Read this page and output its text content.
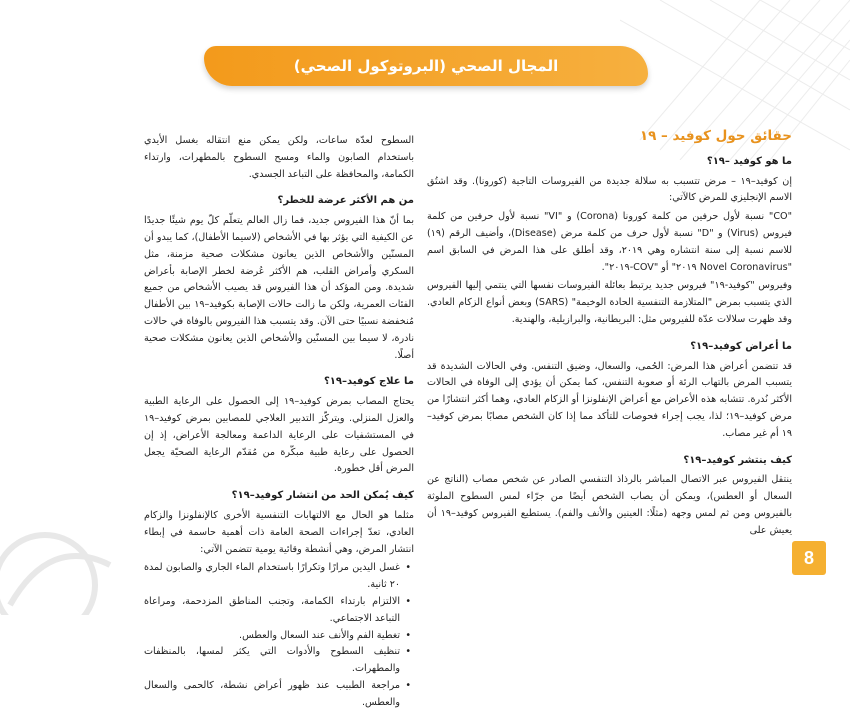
المجال الصحي (البروتوكول الصحي)
حقائق حول كوفيد – ١٩
ما هو كوفيد –١٩؟

إن كوفيد–١٩ – مرض تتسبب به سلالة جديدة من الفيروسات التاجية (كورونا). وقد اشتُق الاسم الإنجليزي للمرض كالآتي:

"CO" نسبة لأول حرفين من كلمة كورونا (Corona) و "VI" نسبة لأول حرفين من كلمة فيروس (Virus) و "D" نسبة لأول حرف من كلمة مرض (Disease)، وأضيف الرقم (١٩) للاسم نسبة إلى سنة انتشاره وهي ٢٠١٩، وقد أطلق على هذا المرض في السابق اسم "Novel Coronavirus ٢٠١٩" أو "COV-٢٠١٩".

وفيروس "كوفيد-١٩" فيروس جديد يرتبط بعائلة الفيروسات نفسها التي ينتمي إليها الفيروس الذي يتسبب بمرض "المتلازمة التنفسية الحادة الوخيمة" (SARS) وبعض أنواع الزكام العادي. وقد ظهرت سلالات عدّة للفيروس مثل: البريطانية، والبرازيلية، والهندية.

ما أعراض كوفيد–١٩؟

قد تتضمن أعراض هذا المرض: الحُمى، والسعال، وضيق التنفس. وفي الحالات الشديدة قد يتسبب المرض بالتهاب الرئة أو صعوبة التنفس، كما يمكن أن يؤدي إلى الوفاة في الحالات الأكثر نُدرة. تتشابه هذه الأعراض مع أعراض الإنفلونزا أو الزكام العادي، وهما أكثر انتشارًا من مرض كوفيد–١٩؛ لذا، يجب إجراء فحوصات للتأكد مما إذا كان الشخص مصابًا بمرض كوفيد–١٩ أم غير مصاب.

كيف ينتشر كوفيد–١٩؟

ينتقل الفيروس عبر الاتصال المباشر بالرذاذ التنفسي الصادر عن شخص مصاب (الناتج عن السعال أو العطس)، ويمكن أن يصاب الشخص أيضًا من جرّاء لمس السطوح الملوثة بالفيروس ومن ثم لمس وجهه (مثلًا: العينين والأنف والفم). يستطيع الفيروس كوفيد–١٩ أن يعيش على

السطوح لعدّة ساعات، ولكن يمكن منع انتقاله بغسل الأيدي باستخدام الصابون والماء ومسح السطوح بالمطهرات، وارتداء الكمامة، والمحافظة على التباعد الجسدي.

من هم الأكثر عرضة للخطر؟

بما أنّ هذا الفيروس جديد، فما زال العالم يتعلّم كلّ يوم شيئًا جديدًا عن الكيفية التي يؤثر بها في الأشخاص (لاسيما الأطفال)، كما يبدو أن المسنّين والأشخاص الذين يعانون مشكلات صحية مزمنة، مثل السكري وأمراض القلب، هم الأكثر عُرضة لخطر الإصابة بأعراض شديدة. ومن المؤكد أن هذا الفيروس قد يصيب الأشخاص من جميع الفئات العمرية، ولكن ما زالت حالات الإصابة بكوفيد–١٩ بين الأطفال مُنخفضة نسبيًا حتى الآن. وقد يتسبب هذا الفيروس بالوفاة في حالات نادرة، لا سيما بين المسنّين والأشخاص الذين يعانون مشكلات صحية أصلًا.

ما علاج كوفيد–١٩؟

يحتاج المصاب بمرض كوفيد–١٩ إلى الحصول على الرعاية الطبية والعزل المنزلي. ويتركّز التدبير العلاجي للمصابين بمرض كوفيد–١٩ في المستشفيات على الرعاية الداعمة ومعالجة الأعراض، إذ إن الحصول على رعاية طبية مبكّرة من مُقدّم الرعاية الصحيّة يجعل المرض أقل خطورة.

كيف يُمكن الحد من انتشار كوفيد–١٩؟

مثلما هو الحال مع الالتهابات التنفسية الأخرى كالإنفلونزا والزكام العادي، تعدّ إجراءات الصحة العامة ذات أهمية حاسمة في إبطاء انتشار المرض، وهي أنشطة وقائية يومية تتضمن الآتي:

• غسل اليدين مرارًا وتكرارًا باستخدام الماء الجاري والصابون لمدة ٢٠ ثانية.
• الالتزام بارتداء الكمامة، وتجنب المناطق المزدحمة، ومراعاة التباعد الاجتماعي.
• تغطية الفم والأنف عند السعال والعطس.
• تنظيف السطوح والأدوات التي يكثر لمسها، بالمنظفات والمطهرات.
• مراجعة الطبيب عند ظهور أعراض نشطة، كالحمى والسعال والعطس.
8
